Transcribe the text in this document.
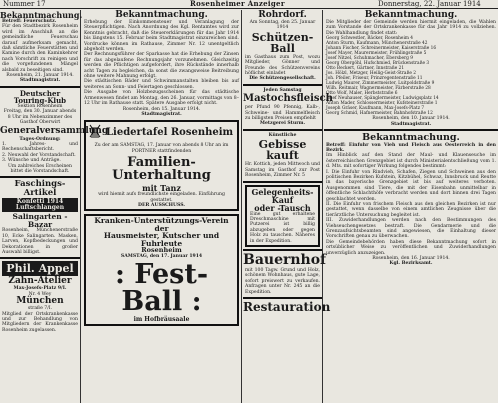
Nummer 17	Rosenheimer Anzeiger	Donnerstag, 22. Januar 1914
Bekanntmachung.
Betreff: Feuerschutz.
Für den Stadtbezirk Rosenheim wird im Anschluß an die gemeindliche Feuerschau darauf aufmerksam gemacht, daß sämtliche Feuerstätten und Kamine durch den Kaminkehrer nach Vorschrift zu reinigen und die vorgefundenen Mängel alsbald zu beseitigen sind.
Rosenheim, 21. Januar 1914.
Stadtmagistrat.
Deutscher
Touring-Klub
Sektion Rosenheim
Freitag, den 30. Januar abends 8 Uhr im Nebenzimmer des Gasthof Oberwirt
Generalversammlung
Tages-Ordnung:
1. Jahres- und Rechenschaftsbericht.
2. Neuwahl der Vorstandschaft.
3. Wünsche und Anträge.
Um zahlreiches Erscheinen bittet die Vorstandschaft.
Faschings-Artikel
Konfetti 1914 Luftschlangen
Salingarten - Bazar
Rosenheim, Münchenerstraße 10, Ecke Salingarten. Masken, Larven, Kopfbedeckungen und Dekorationen in großer Auswahl billigst.
Phil. Appel
Zahn-Atelier
Max-Josefs-Platz 9/I.
Nr. 4 Wey
München
straße 7/I.
Mitglied der Ortskrankenkasse und zur Behandlung von Mitgliedern der Krankenkasse Rosenheim zugelassen.
Bekanntmachung.
Erhebung der Einkommensteuer und Veranlagung der Steuerpflichtigen. Nach Anordnung des Kgl. Rentamtes wird zur Kenntnis gebracht, daß die Steuererklärungen für das Jahr 1914 bis längstens 15. Februar beim Stadtmagistrat einzureichen sind. Vordrucke können im Rathause, Zimmer Nr. 12 unentgeltlich abgeholt werden.
Der Rechnungsführer der Sparkasse hat die Erhebung der Zinsen für das abgelaufene Rechnungsjahr vorzunehmen. Gleichzeitig werden die Pflichtigen aufgefordert, ihre Rückstände innerhalb acht Tagen zu begleichen, da sonst die zwangsweise Beitreibung ohne weitere Mahnung erfolgt.
Die städtischen Bäder und Schwimmanstalten bleiben bis auf weiteres an Sonn- und Feiertagen geschlossen.
Die Ausgabe von Holzbezugsscheinen für das städtische Armenwesen findet am Montag, den 26. Januar, vormittags von 8–12 Uhr im Rathause statt. Spätere Ausgabe erfolgt nicht.
Rosenheim, den 15. Januar 1914.
Stadtmagistrat.
Liedertafel Rosenheim
Zu der am SAMSTAG, 17. Januar von abends 8 Uhr an im PORTNER stattfindenden
Familien- Unterhaltung
mit Tanz
wird hiemit aufs freundlichste eingeladen. Einführung gestattet.
DER AUSSCHUSS.
Kranken-Unterstützungs-Verein der
Hausmeister, Kutscher und Fuhrleute
Rosenheim
SAMSTAG, den 17. Januar 1914
: Fest-Ball :
im Hofbräusaale
Rohrdorf.
Am Sonntag, den 25. Januar 1914
Schützen-Ball
im Gasthaus zum Post, wozu Mitglieder, Gönner und Freunde des Schützenvereins höflichst einladet
Die Schützengesellschaft.
Jeden Samstag
Mastochsfleisch
per Pfund 90 Pfennig, Kalb-, Schweine- und Hammelfleisch zu billigsten Preisen empfiehlt
Metzgerei Sturm.
Künstliche
Gebisse kauft
Hr. Kottich, jeden Mittwoch und Samstag im Gasthof zur Post Rosenheim, Zimmer Nr. 5
Gelegenheits-Kauf
oder -Tausch
Eine gut erhaltene Dreschmaschine mit Putzerei ist billig abzugeben oder gegen Holz zu tauschen. Näheres in der Expedition.
Bauernhof
mit 100 Tagw. Grund und Holz, schönem Wohnhaus, gute Lage, sofort preiswert zu verkaufen. Anfragen unter Nr. 245 an die Expedition.
Restauration
Bekanntmachung.
Die Mitglieder der Gemeinde werden hiermit eingeladen, die Wahlen zum Vorstande der Ortskrankenkasse für das Jahr 1914 zu vollziehen. Die Wahlhandlung findet statt:
Georg Schwestler, Bäcker, Rosenheim 4
Anton Sturm, Kaufmann, Münchenerstraße 42
Johann Fischer, Schreinermeister, Kaiserstraße 16
Josef Mayer, Maurermeister, Frühlingstraße 5
Josef Nitzel, Schuhmacher, Ebersberg 9
Georg Obergöhl, Hufschmied, Brückenstraße 3
Otto Beckert, Gärtner, Innstraße 21
Jos. Hölzl, Metzger, Heilig-Geist-Straße 2
Joh. Pfeiler, Friseur, Prinzregentenstraße 11
Ludwig Maurer, Zimmermeister, Luitpoldstraße 9
Wilh. Reitmair, Wagnermeister, Färberstraße 28
Otto Wolf, Maler, Herbststraße 6
Josef Neuhauser, Spänglermeister, Ludwigsplatz 14
Anton Mader, Schlossermeister, Kufsteinerstraße 1
Joseph Gräser, Kaufmann, Max-Josefs-Platz 7
Georg Schmid, Hafnermeister, Bahnhofstraße 12
Rosenheim, den 10. Januar 1914.
Stadtmagistrat.
Bekanntmachung.
Betreff: Einfuhr von Vieh und Fleisch aus Oesterreich in den Bezirk.
Im Hinblick auf den Stand der Maul- und Klauenseuche im österreichischen Grenzgebiet ist durch Ministerialentschließung vom 1. d. Mts. mit sofortiger Wirkung folgendes bestimmt:
I. Die Einfuhr von Rindvieh, Schafen, Ziegen und Schweinen aus den politischen Bezirken Kufstein, Kitzbühel, Schwaz, Innsbruck und Reutte in das bayerische Grenzgebiet ist bis auf weiteres verboten. Ausgenommen sind Tiere, die mit der Eisenbahn unmittelbar in öffentliche Schlachthöfe verbracht werden und dort binnen drei Tagen geschlachtet werden.
II. Die Einfuhr von frischem Fleisch aus den gleichen Bezirken ist nur gestattet, wenn dasselbe von einem amtlichen Zeugnisse über die tierärztliche Untersuchung begleitet ist.
III. Zuwiderhandlungen werden nach den Bestimmungen des Viehseuchengesetzes bestraft. Die Gendarmerie und die Grenzaufsichtsbeamten sind angewiesen, die Einhaltung dieser Vorschriften genau zu überwachen.
Die Gemeindebehörden haben diese Bekanntmachung sofort in ortsüblicher Weise zu veröffentlichen und Zuwiderhandlungen unverzüglich anzuzeigen.
Rosenheim, den 16. Januar 1914.
Kgl. Bezirksamt.
